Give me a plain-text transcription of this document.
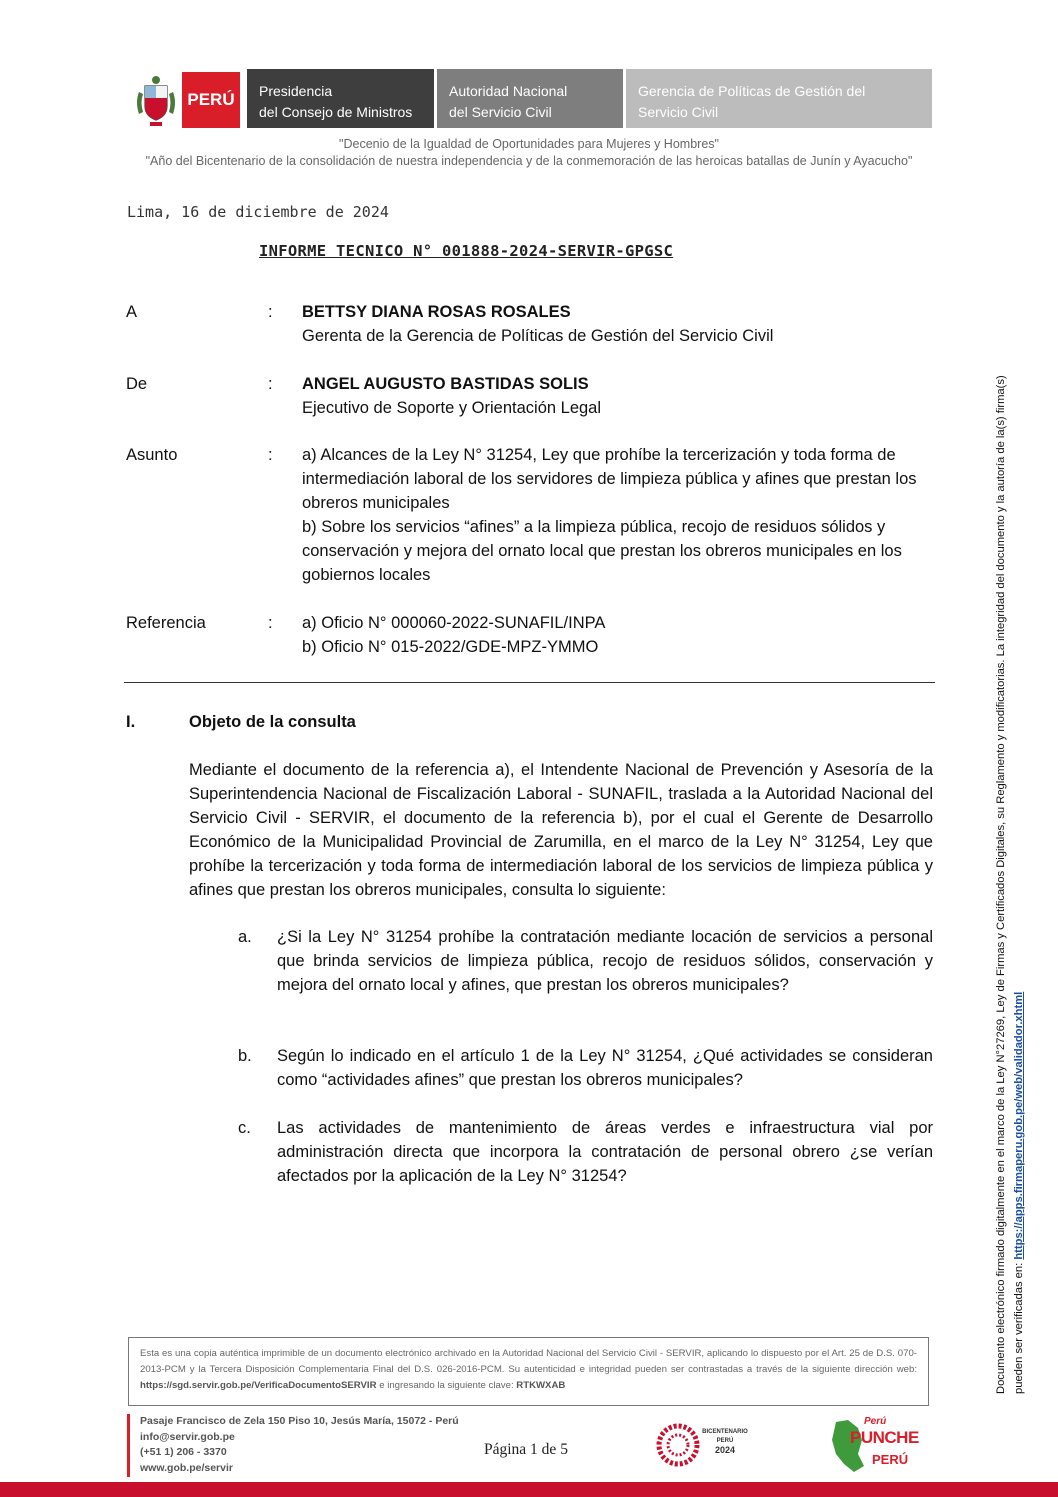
PERÚ Presidencia
del Consejo de Ministros
Autoridad Nacional
del Servicio Civil
Gerencia de Políticas de Gestión del
Servicio Civil
"Decenio de la Igualdad de Oportunidades para Mujeres y Hombres"
"Año del Bicentenario de la consolidación de nuestra independencia y de la conmemoración de las heroicas batallas de Junín y Ayacucho"
Lima, 16 de diciembre de 2024
INFORME TECNICO N° 001888-2024-SERVIR-GPGSC
A	: BETTSY DIANA ROSAS ROSALES
Gerenta de la Gerencia de Políticas de Gestión del Servicio Civil
De	: ANGEL AUGUSTO BASTIDAS SOLIS
Ejecutivo de Soporte y Orientación Legal
Asunto	: a) Alcances de la Ley N° 31254, Ley que prohíbe la tercerización y toda forma de intermediación laboral de los servidores de limpieza pública y afines que prestan los obreros municipales
b) Sobre los servicios “afines” a la limpieza pública, recojo de residuos sólidos y conservación y mejora del ornato local que prestan los obreros municipales en los gobiernos locales
Referencia	: a) Oficio N° 000060-2022-SUNAFIL/INPA
b) Oficio N° 015-2022/GDE-MPZ-YMMO
I.	Objeto de la consulta
Mediante el documento de la referencia a), el Intendente Nacional de Prevención y Asesoría de la Superintendencia Nacional de Fiscalización Laboral - SUNAFIL, traslada a la Autoridad Nacional del Servicio Civil - SERVIR, el documento de la referencia b), por el cual el Gerente de Desarrollo Económico de la Municipalidad Provincial de Zarumilla, en el marco de la Ley N° 31254, Ley que prohíbe la tercerización y toda forma de intermediación laboral de los servicios de limpieza pública y afines que prestan los obreros municipales, consulta lo siguiente:
a. ¿Si la Ley N° 31254 prohíbe la contratación mediante locación de servicios a personal que brinda servicios de limpieza pública, recojo de residuos sólidos, conservación y mejora del ornato local y afines, que prestan los obreros municipales?
b. Según lo indicado en el artículo 1 de la Ley N° 31254, ¿Qué actividades se consideran como “actividades afines” que prestan los obreros municipales?
c. Las actividades de mantenimiento de áreas verdes e infraestructura vial por administración directa que incorpora la contratación de personal obrero ¿se verían afectados por la aplicación de la Ley N° 31254?
Esta es una copia auténtica imprimible de un documento electrónico archivado en la Autoridad Nacional del Servicio Civil - SERVIR, aplicando lo dispuesto por el Art. 25 de D.S. 070-2013-PCM y la Tercera Disposición Complementaria Final del D.S. 026-2016-PCM. Su autenticidad e integridad pueden ser contrastadas a través de la siguiente dirección web: https://sgd.servir.gob.pe/VerificaDocumentoSERVIR e ingresando la siguiente clave: RTKWXAB
Pasaje Francisco de Zela 150 Piso 10, Jesús María, 15072 - Perú
info@servir.gob.pe
(+51 1) 206 - 3370
www.gob.pe/servir
Página 1 de 5
BICENTENARIO
PERÚ
2024
Perú
PUNCHE
PERÚ
Documento electrónico firmado digitalmente en el marco de la Ley N°27269, Ley de Firmas y Certificados Digitales, su Reglamento y modificatorias. La integridad del documento y la autoría de la(s) firma(s) pueden ser verificadas en: https://apps.firmaperu.gob.pe/web/validador.xhtml
